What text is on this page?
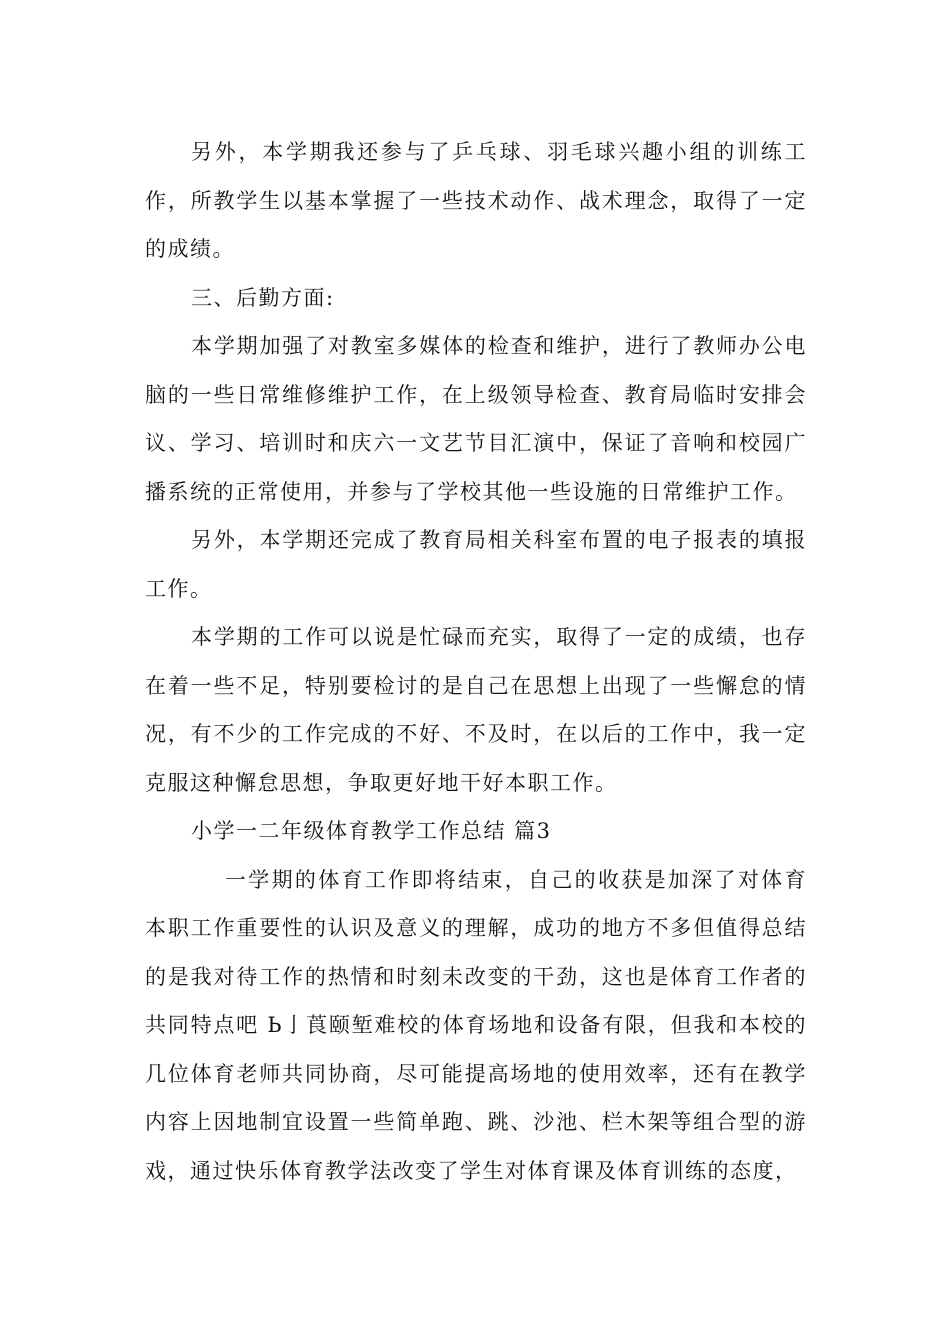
另外，本学期我还参与了乒乓球、羽毛球兴趣小组的训练工作，所教学生以基本掌握了一些技术动作、战术理念，取得了一定的成绩。

三、后勤方面:

本学期加强了对教室多媒体的检查和维护，进行了教师办公电脑的一些日常维修维护工作，在上级领导检查、教育局临时安排会议、学习、培训时和庆六一文艺节目汇演中，保证了音响和校园广播系统的正常使用，并参与了学校其他一些设施的日常维护工作。

另外，本学期还完成了教育局相关科室布置的电子报表的填报工作。

本学期的工作可以说是忙碌而充实，取得了一定的成绩，也存在着一些不足，特别要检讨的是自己在思想上出现了一些懈怠的情况，有不少的工作完成的不好、不及时，在以后的工作中，我一定克服这种懈怠思想，争取更好地干好本职工作。

小学一二年级体育教学工作总结 篇3

一学期的体育工作即将结束，自己的收获是加深了对体育本职工作重要性的认识及意义的理解，成功的地方不多但值得总结的是我对待工作的热情和时刻未改变的干劲，这也是体育工作者的共同特点吧 Ь亅莨颐堑难校的体育场地和设备有限，但我和本校的几位体育老师共同协商，尽可能提高场地的使用效率，还有在教学内容上因地制宜设置一些简单跑、跳、沙池、栏木架等组合型的游戏，通过快乐体育教学法改变了学生对体育课及体育训练的态度，
